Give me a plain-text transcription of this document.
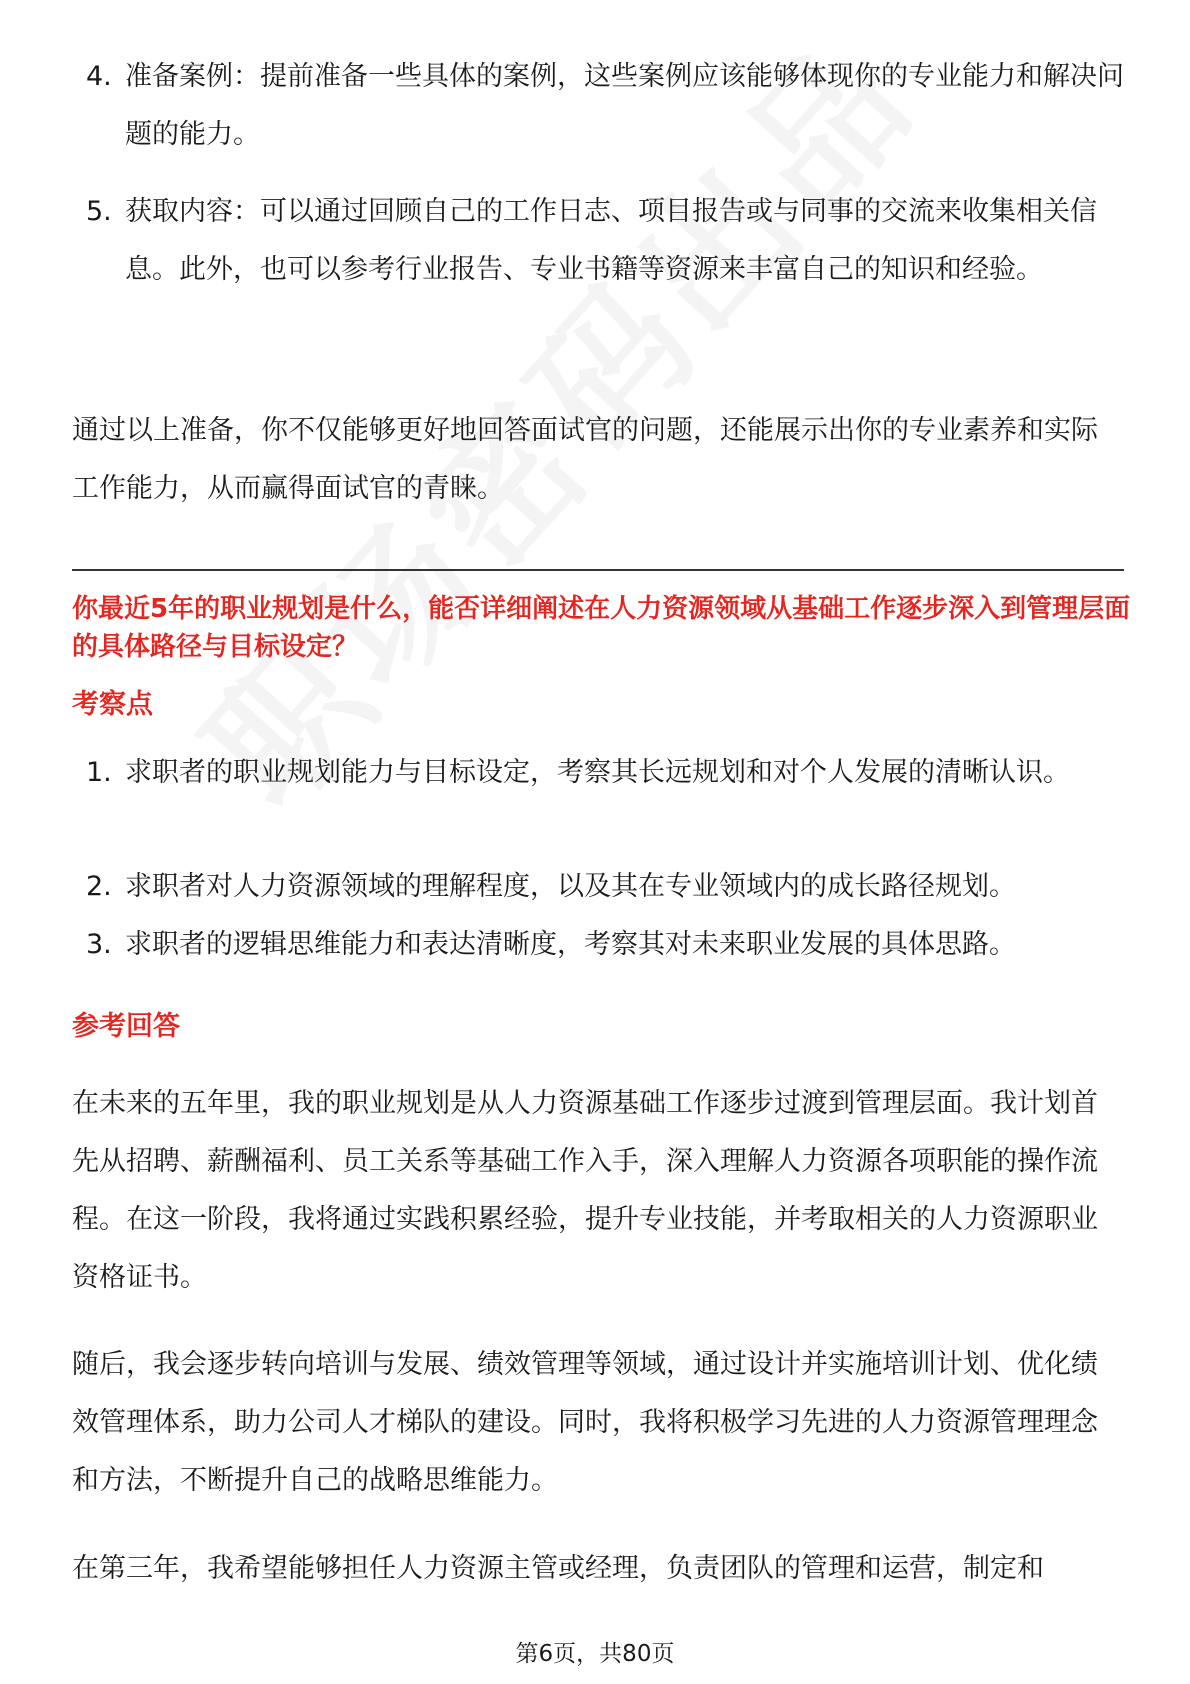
4. 准备案例：提前准备一些具体的案例，这些案例应该能够体现你的专业能力和解决问题的能力。
5. 获取内容：可以通过回顾自己的工作日志、项目报告或与同事的交流来收集相关信息。此外，也可以参考行业报告、专业书籍等资源来丰富自己的知识和经验。
通过以上准备，你不仅能够更好地回答面试官的问题，还能展示出你的专业素养和实际工作能力，从而赢得面试官的青睐。
你最近5年的职业规划是什么，能否详细阐述在人力资源领域从基础工作逐步深入到管理层面的具体路径与目标设定？
考察点
1. 求职者的职业规划能力与目标设定，考察其长远规划和对个人发展的清晰认识。
2. 求职者对人力资源领域的理解程度，以及其在专业领域内的成长路径规划。
3. 求职者的逻辑思维能力和表达清晰度，考察其对未来职业发展的具体思路。
参考回答
在未来的五年里，我的职业规划是从人力资源基础工作逐步过渡到管理层面。我计划首先从招聘、薪酬福利、员工关系等基础工作入手，深入理解人力资源各项职能的操作流程。在这一阶段，我将通过实践积累经验，提升专业技能，并考取相关的人力资源职业资格证书。
随后，我会逐步转向培训与发展、绩效管理等领域，通过设计并实施培训计划、优化绩效管理体系，助力公司人才梯队的建设。同时，我将积极学习先进的人力资源管理理念和方法，不断提升自己的战略思维能力。
在第三年，我希望能够担任人力资源主管或经理，负责团队的管理和运营，制定和
第6页，共80页
